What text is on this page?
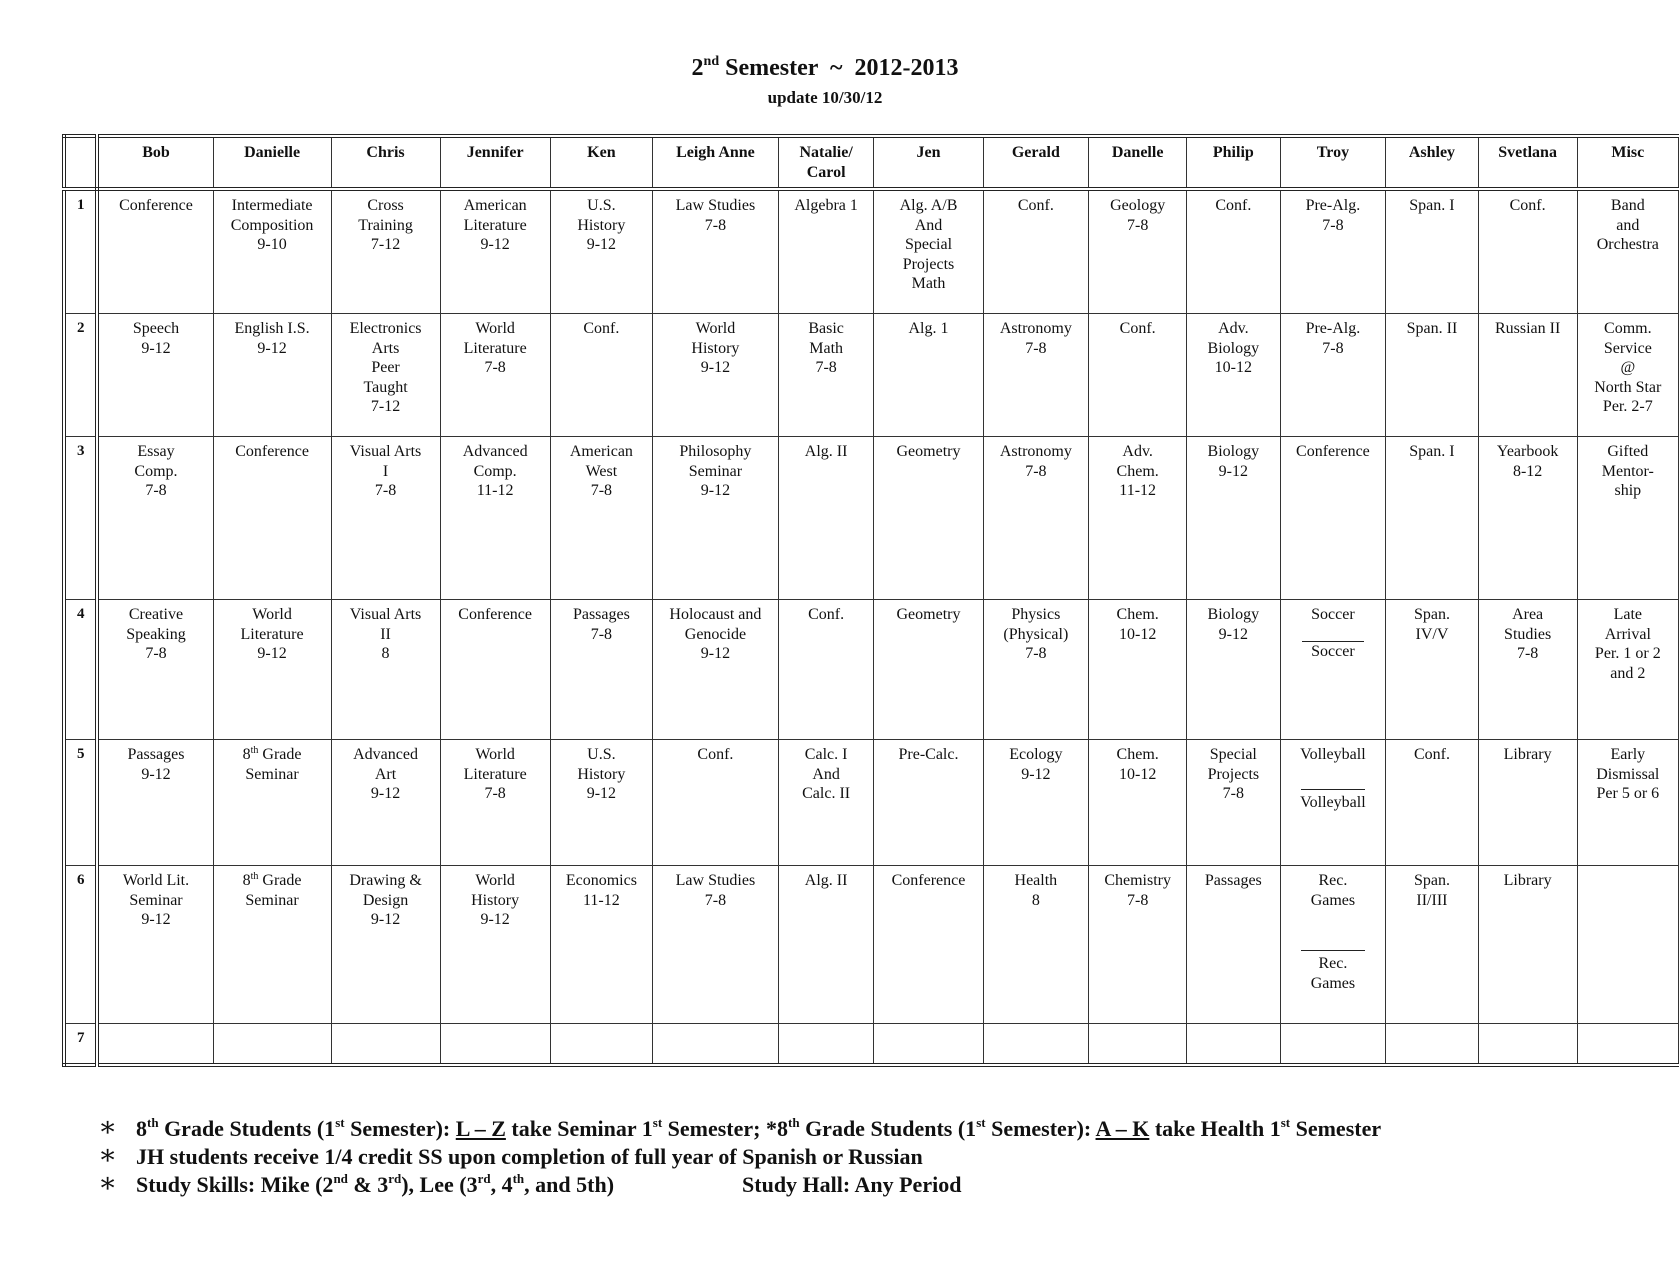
2nd Semester  ~  2012-2013
update 10/30/12
	Bob	Danielle	Chris	Jennifer	Ken	Leigh Anne	Natalie/
Carol	Jen	Gerald	Danelle	Philip	Troy	Ashley	Svetlana	Misc
1	Conference	Intermediate
Composition
9-10	Cross
Training
7-12	American
Literature
9-12	U.S.
History
9-12	Law Studies
7-8	Algebra 1	Alg. A/B
And
Special
Projects
Math	Conf.	Geology
7-8	Conf.	Pre-Alg.
7-8	Span. I	Conf.	Band
and
Orchestra
2	Speech
9-12	English I.S.
9-12	Electronics
Arts
Peer
Taught
7-12	World
Literature
7-8	Conf.	World
History
9-12	Basic
Math
7-8	Alg. 1	Astronomy
7-8	Conf.	Adv.
Biology
10-12	Pre-Alg.
7-8	Span. II	Russian II	Comm.
Service
@
North Star
Per. 2-7
3	Essay
Comp.
7-8	Conference	Visual Arts
I
7-8	Advanced
Comp.
11-12	American
West
7-8	Philosophy
Seminar
9-12	Alg. II	Geometry	Astronomy
7-8	Adv.
Chem.
11-12	Biology
9-12	Conference	Span. I	Yearbook
8-12	Gifted
Mentor-
ship
4	Creative
Speaking
7-8	World
Literature
9-12	Visual Arts
II
8	Conference	Passages
7-8	Holocaust and
Genocide
9-12	Conf.	Geometry	Physics
(Physical)
7-8	Chem.
10-12	Biology
9-12	Soccer
Soccer	Span.
IV/V	Area
Studies
7-8	Late
Arrival
Per. 1 or 2
and 2
5	Passages
9-12	8th Grade
Seminar	Advanced
Art
9-12	World
Literature
7-8	U.S.
History
9-12	Conf.	Calc. I
And
Calc. II	Pre-Calc.	Ecology
9-12	Chem.
10-12	Special
Projects
7-8	Volleyball
Volleyball	Conf.	Library	Early
Dismissal
Per 5 or 6
6	World Lit.
Seminar
9-12	8th Grade
Seminar	Drawing &
Design
9-12	World
History
9-12	Economics
11-12	Law Studies
7-8	Alg. II	Conference	Health
8	Chemistry
7-8	Passages	Rec.
Games
Rec.
Games	Span.
II/III	Library	
7															
∗ 8th Grade Students (1st Semester): L – Z take Seminar 1st Semester; *8th Grade Students (1st Semester): A – K take Health 1st Semester
∗ JH students receive 1/4 credit SS upon completion of full year of Spanish or Russian
∗ Study Skills: Mike (2nd & 3rd), Lee (3rd, 4th, and 5th)	Study Hall: Any Period
